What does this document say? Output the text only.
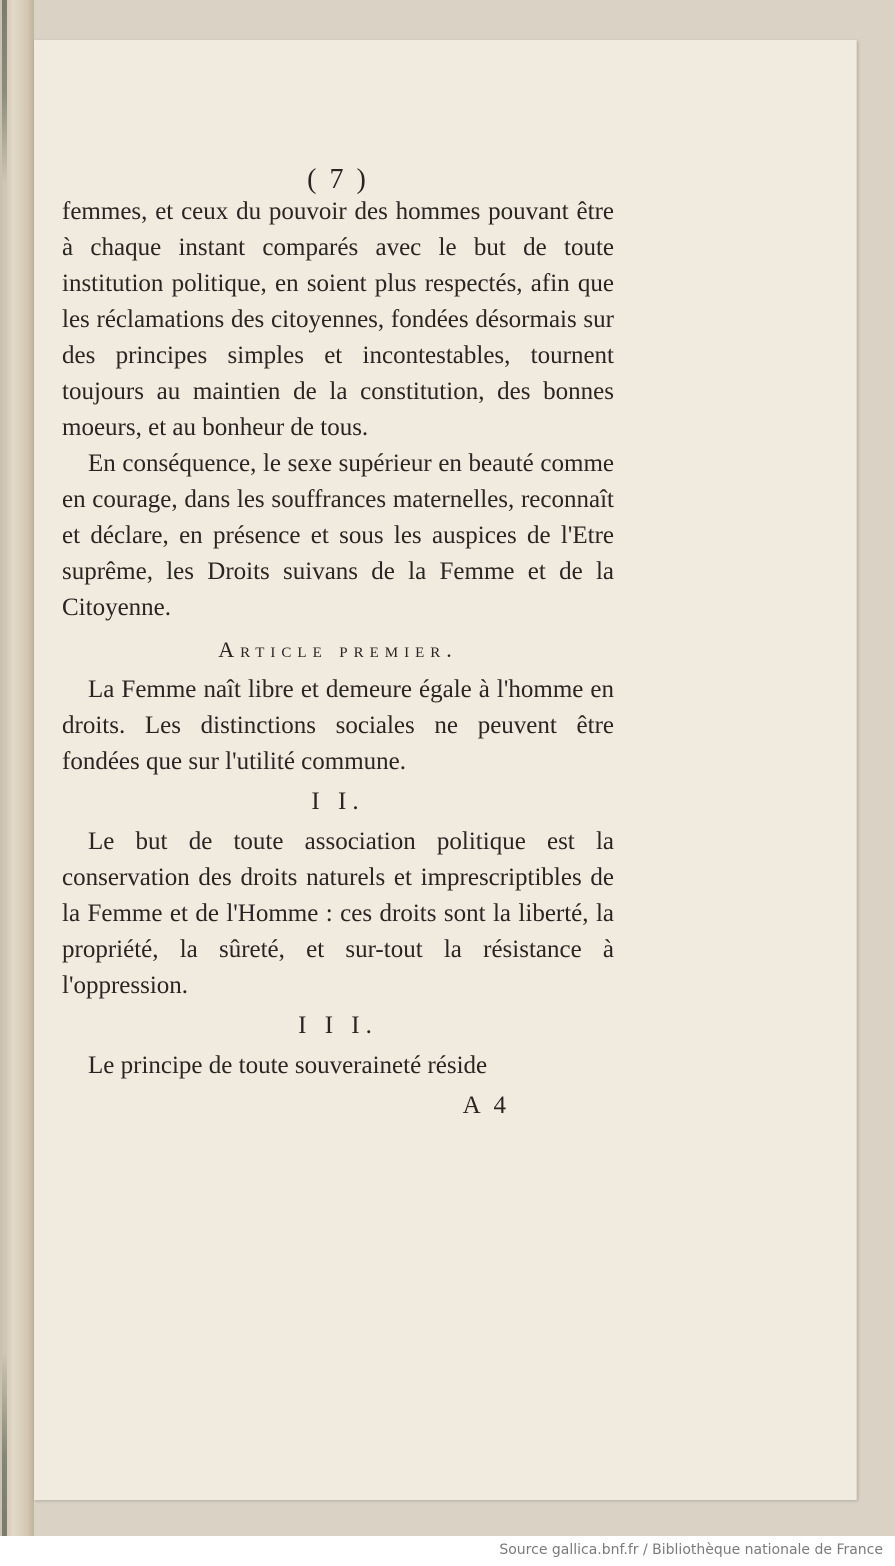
( 7 )

femmes, et ceux du pouvoir des hommes pouvant être à chaque instant comparés avec le but de toute institution politique, en soient plus respectés, afin que les réclamations des citoyennes, fondées désormais sur des principes simples et incontestables, tournent toujours au maintien de la constitution, des bonnes moeurs, et au bonheur de tous.

En conséquence, le sexe supérieur en beauté comme en courage, dans les souffrances maternelles, reconnaît et déclare, en présence et sous les auspices de l'Etre suprême, les Droits suivans de la Femme et de la Citoyenne.

Article premier.

La Femme naît libre et demeure égale à l'homme en droits. Les distinctions sociales ne peuvent être fondées que sur l'utilité commune.

I I.

Le but de toute association politique est la conservation des droits naturels et imprescriptibles de la Femme et de l'Homme : ces droits sont la liberté, la propriété, la sûreté, et sur-tout la résistance à l'oppression.

I I I.

Le principe de toute souveraineté réside

A 4
Source gallica.bnf.fr / Bibliothèque nationale de France
